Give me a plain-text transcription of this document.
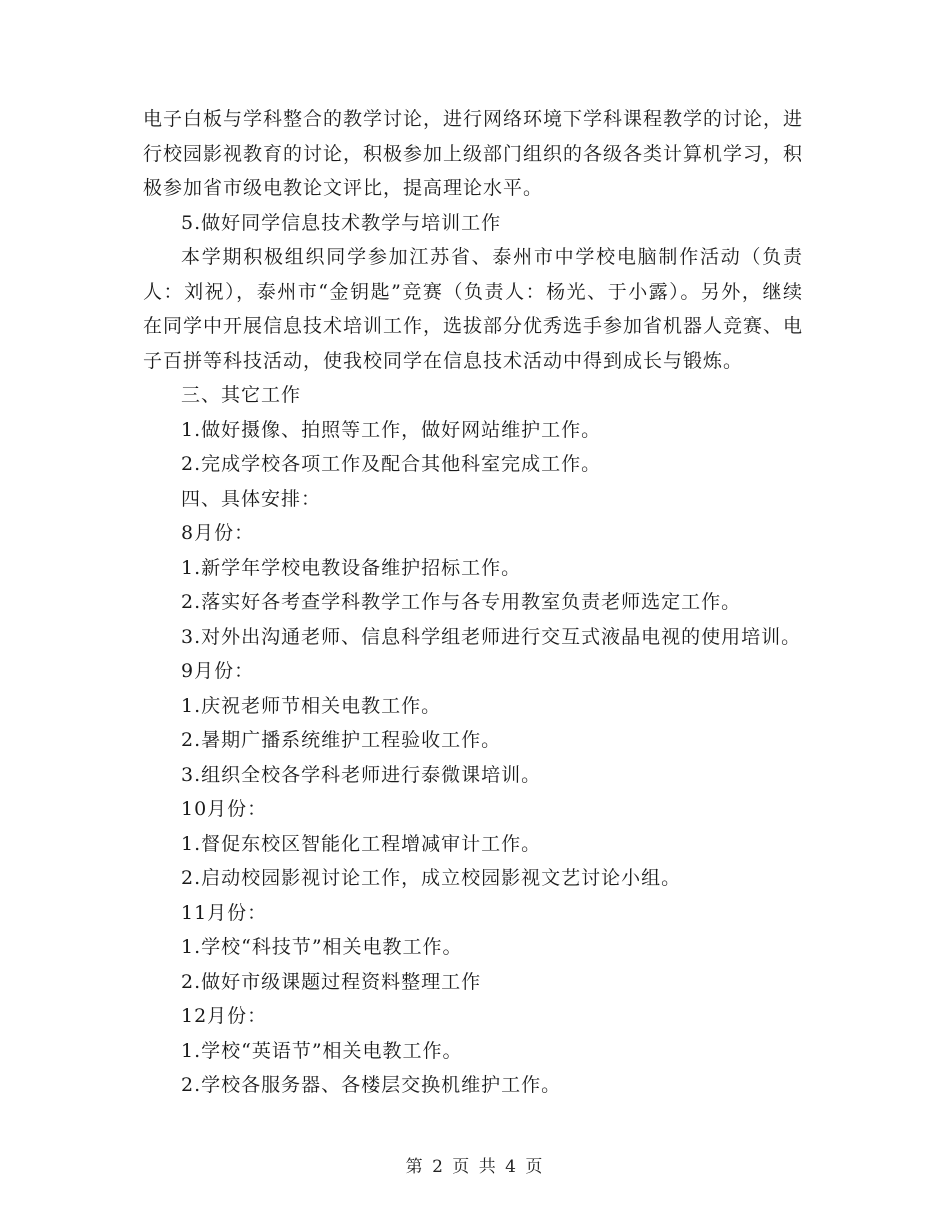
电子白板与学科整合的教学讨论，进行网络环境下学科课程教学的讨论，进行校园影视教育的讨论，积极参加上级部门组织的各级各类计算机学习，积极参加省市级电教论文评比，提高理论水平。

5.做好同学信息技术教学与培训工作

本学期积极组织同学参加江苏省、泰州市中学校电脑制作活动（负责人：刘祝），泰州市“金钥匙”竞赛（负责人：杨光、于小露）。另外，继续在同学中开展信息技术培训工作，选拔部分优秀选手参加省机器人竞赛、电子百拼等科技活动，使我校同学在信息技术活动中得到成长与锻炼。

三、其它工作

1.做好摄像、拍照等工作，做好网站维护工作。

2.完成学校各项工作及配合其他科室完成工作。

四、具体安排：

8月份：

1.新学年学校电教设备维护招标工作。

2.落实好各考查学科教学工作与各专用教室负责老师选定工作。

3.对外出沟通老师、信息科学组老师进行交互式液晶电视的使用培训。

9月份：

1.庆祝老师节相关电教工作。

2.暑期广播系统维护工程验收工作。

3.组织全校各学科老师进行泰微课培训。

10月份：

1.督促东校区智能化工程增减审计工作。

2.启动校园影视讨论工作，成立校园影视文艺讨论小组。

11月份：

1.学校“科技节”相关电教工作。

2.做好市级课题过程资料整理工作

12月份：

1.学校“英语节”相关电教工作。

2.学校各服务器、各楼层交换机维护工作。

第 2 页 共 4 页
